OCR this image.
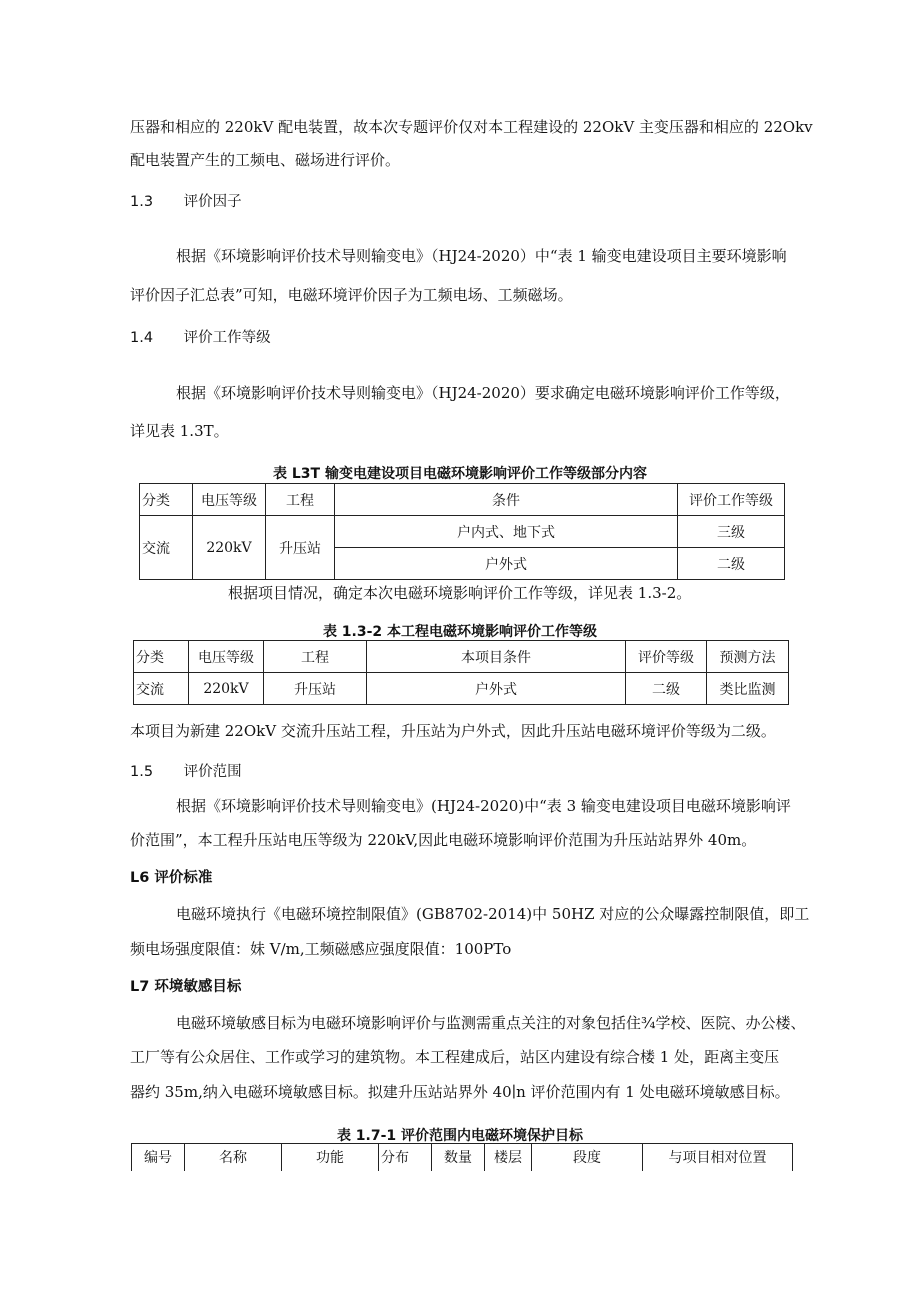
压器和相应的 220kV 配电装置，故本次专题评价仅对本工程建设的 22OkV 主变压器和相应的 22Okv
配电装置产生的工频电、磁场进行评价。
1.3 评价因子
根据《环境影响评价技术导则输变电》（HJ24-2020）中“表 1 输变电建设项目主要环境影响
评价因子汇总表”可知，电磁环境评价因子为工频电场、工频磁场。
1.4 评价工作等级
根据《环境影响评价技术导则输变电》（HJ24-2020）要求确定电磁环境影响评价工作等级，
详见表 1.3T。
表 L3T 输变电建设项目电磁环境影响评价工作等级部分内容
分类	电压等级	工程	条件	评价工作等级
交流	220kV	升压站	户内式、地下式	三级
			户外式	二级
根据项目情况，确定本次电磁环境影响评价工作等级，详见表 1.3-2。
表 1.3-2 本工程电磁环境影响评价工作等级
分类	电压等级	工程	本项目条件	评价等级	预测方法
交流	220kV	升压站	户外式	二级	类比监测
本项目为新建 22OkV 交流升压站工程，升压站为户外式，因此升压站电磁环境评价等级为二级。
1.5 评价范围
根据《环境影响评价技术导则输变电》(HJ24-2020)中“表 3 输变电建设项目电磁环境影响评
价范围”，本工程升压站电压等级为 220kV,因此电磁环境影响评价范围为升压站站界外 40m。
L6 评价标准
电磁环境执行《电磁环境控制限值》(GB8702-2014)中 50HZ 对应的公众曝露控制限值，即工
频电场强度限值：妹 V∕m,工频磁感应强度限值：100PTo
L7 环境敏感目标
电磁环境敏感目标为电磁环境影响评价与监测需重点关注的对象包括住¾学校、医院、办公楼、
工厂等有公众居住、工作或学习的建筑物。本工程建成后，站区内建设有综合楼 1 处，距离主变压
器约 35m,纳入电磁环境敏感目标。拟建升压站站界外 40∣n 评价范围内有 1 处电磁环境敏感目标。
表 1.7-1 评价范围内电磁环境保护目标
编号	名称	功能	分布	数量	楼层	段度	与项目相对位置
